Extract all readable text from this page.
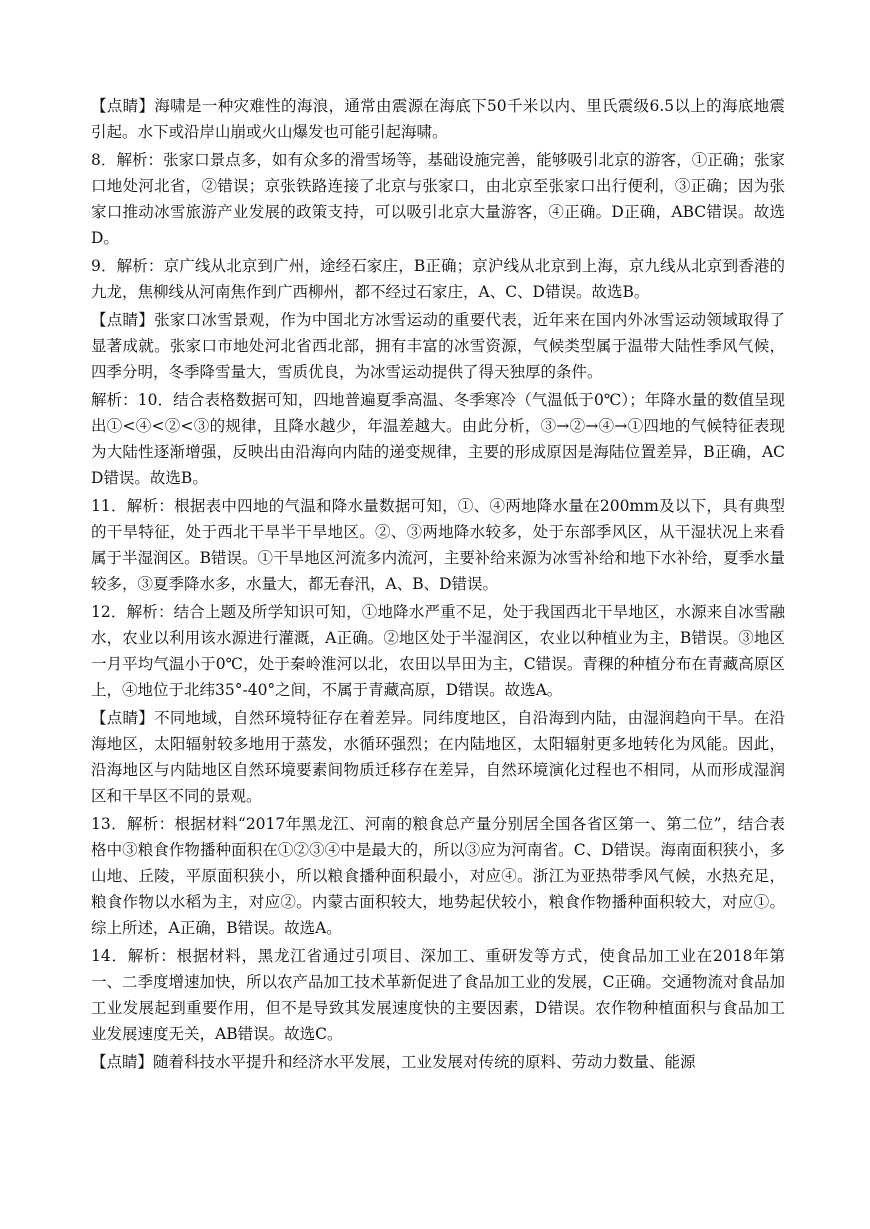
【点睛】海啸是一种灾难性的海浪，通常由震源在海底下50千米以内、里氏震级6.5以上的海底地震引起。水下或沿岸山崩或火山爆发也可能引起海啸。

8．解析：张家口景点多，如有众多的滑雪场等，基础设施完善，能够吸引北京的游客，①正确；张家口地处河北省，②错误；京张铁路连接了北京与张家口，由北京至张家口出行便利，③正确；因为张家口推动冰雪旅游产业发展的政策支持，可以吸引北京大量游客，④正确。D正确，ABC错误。故选D。

9．解析：京广线从北京到广州，途经石家庄，B正确；京沪线从北京到上海，京九线从北京到香港的九龙，焦柳线从河南焦作到广西柳州，都不经过石家庄，A、C、D错误。故选B。

【点睛】张家口冰雪景观，作为中国北方冰雪运动的重要代表，近年来在国内外冰雪运动领域取得了显著成就。张家口市地处河北省西北部，拥有丰富的冰雪资源，气候类型属于温带大陆性季风气候，四季分明，冬季降雪量大，雪质优良，为冰雪运动提供了得天独厚的条件。

解析：10．结合表格数据可知，四地普遍夏季高温、冬季寒冷（气温低于0℃）；年降水量的数值呈现出①<④<②<③的规律，且降水越少，年温差越大。由此分析，③→②→④→①四地的气候特征表现为大陆性逐渐增强，反映出由沿海向内陆的递变规律，主要的形成原因是海陆位置差异，B正确，ACD错误。故选B。

11．解析：根据表中四地的气温和降水量数据可知，①、④两地降水量在200mm及以下，具有典型的干旱特征，处于西北干旱半干旱地区。②、③两地降水较多，处于东部季风区，从干湿状况上来看属于半湿润区。B错误。①干旱地区河流多内流河，主要补给来源为冰雪补给和地下水补给，夏季水量较多，③夏季降水多，水量大，都无春汛，A、B、D错误。

12．解析：结合上题及所学知识可知，①地降水严重不足，处于我国西北干旱地区，水源来自冰雪融水，农业以利用该水源进行灌溉，A正确。②地区处于半湿润区，农业以种植业为主，B错误。③地区一月平均气温小于0℃，处于秦岭淮河以北，农田以旱田为主，C错误。青稞的种植分布在青藏高原区上，④地位于北纬35°-40°之间，不属于青藏高原，D错误。故选A。

【点睛】不同地域，自然环境特征存在着差异。同纬度地区，自沿海到内陆，由湿润趋向干旱。在沿海地区，太阳辐射较多地用于蒸发，水循环强烈；在内陆地区，太阳辐射更多地转化为风能。因此，沿海地区与内陆地区自然环境要素间物质迁移存在差异，自然环境演化过程也不相同，从而形成湿润区和干旱区不同的景观。

13．解析：根据材料“2017年黑龙江、河南的粮食总产量分别居全国各省区第一、第二位”，结合表格中③粮食作物播种面积在①②③④中是最大的，所以③应为河南省。C、D错误。海南面积狭小，多山地、丘陵，平原面积狭小，所以粮食播种面积最小，对应④。浙江为亚热带季风气候，水热充足，粮食作物以水稻为主，对应②。内蒙古面积较大，地势起伏较小，粮食作物播种面积较大，对应①。综上所述，A正确，B错误。故选A。

14．解析：根据材料，黑龙江省通过引项目、深加工、重研发等方式，使食品加工业在2018年第一、二季度增速加快，所以农产品加工技术革新促进了食品加工业的发展，C正确。交通物流对食品加工业发展起到重要作用，但不是导致其发展速度快的主要因素，D错误。农作物种植面积与食品加工业发展速度无关，AB错误。故选C。

【点睛】随着科技水平提升和经济水平发展，工业发展对传统的原料、劳动力数量、能源
